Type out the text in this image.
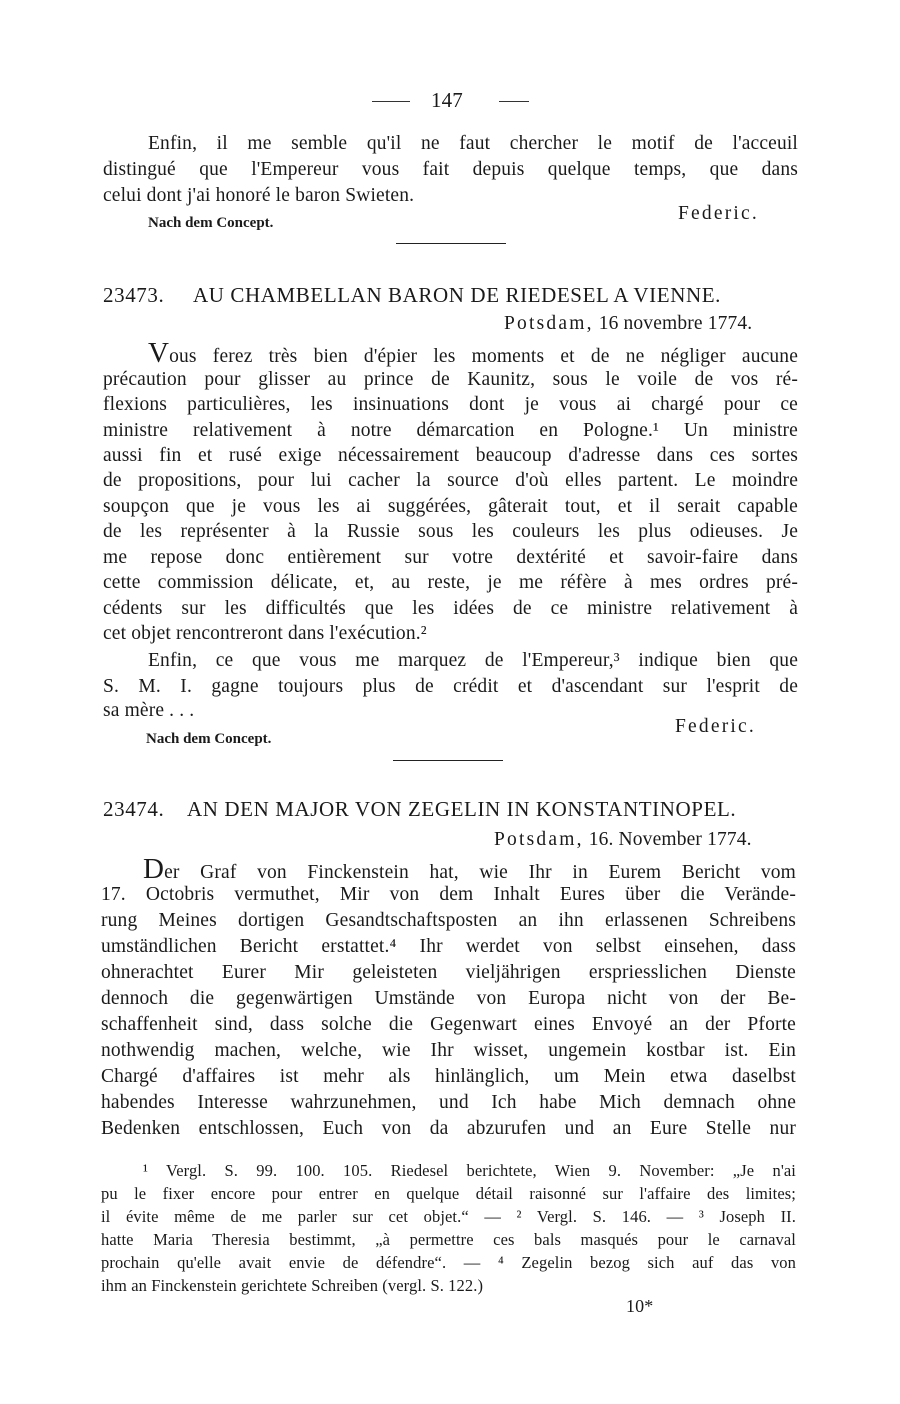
147
Enfin, il me semble qu'il ne faut chercher le motif de l'acceuil
distingué que l'Empereur vous fait depuis quelque temps, que dans
celui dont j'ai honoré le baron Swieten.
Nach dem Concept.	Federic.
23473. AU CHAMBELLAN BARON DE RIEDESEL A VIENNE.
Potsdam, 16 novembre 1774.
Vous ferez très bien d'épier les moments et de ne négliger aucune
précaution pour glisser au prince de Kaunitz, sous le voile de vos ré-
flexions particulières, les insinuations dont je vous ai chargé pour ce
ministre relativement à notre démarcation en Pologne.¹ Un ministre
aussi fin et rusé exige nécessairement beaucoup d'adresse dans ces sortes
de propositions, pour lui cacher la source d'où elles partent. Le moindre
soupçon que je vous les ai suggérées, gâterait tout, et il serait capable
de les représenter à la Russie sous les couleurs les plus odieuses. Je
me repose donc entièrement sur votre dextérité et savoir-faire dans
cette commission délicate, et, au reste, je me réfère à mes ordres pré-
cédents sur les difficultés que les idées de ce ministre relativement à
cet objet rencontreront dans l'exécution.²
Enfin, ce que vous me marquez de l'Empereur,³ indique bien que
S. M. I. gagne toujours plus de crédit et d'ascendant sur l'esprit de
sa mère . . .
Nach dem Concept.
Federic.
23474. AN DEN MAJOR VON ZEGELIN IN KONSTANTINOPEL.
Potsdam, 16. November 1774.
Der Graf von Finckenstein hat, wie Ihr in Eurem Bericht vom
17. Octobris vermuthet, Mir von dem Inhalt Eures über die Verände-
rung Meines dortigen Gesandtschaftsposten an ihn erlassenen Schreibens
umständlichen Bericht erstattet.⁴ Ihr werdet von selbst einsehen, dass
ohnerachtet Eurer Mir geleisteten vieljährigen erspriesslichen Dienste
dennoch die gegenwärtigen Umstände von Europa nicht von der Be-
schaffenheit sind, dass solche die Gegenwart eines Envoyé an der Pforte
nothwendig machen, welche, wie Ihr wisset, ungemein kostbar ist. Ein
Chargé d'affaires ist mehr als hinlänglich, um Mein etwa daselbst
habendes Interesse wahrzunehmen, und Ich habe Mich demnach ohne
Bedenken entschlossen, Euch von da abzurufen und an Eure Stelle nur
¹ Vergl. S. 99. 100. 105. Riedesel berichtete, Wien 9. November: „Je n'ai
pu le fixer encore pour entrer en quelque détail raisonné sur l'affaire des limites;
il évite même de me parler sur cet objet.“ — ² Vergl. S. 146. — ³ Joseph II.
hatte Maria Theresia bestimmt, „à permettre ces bals masqués pour le carnaval
prochain qu'elle avait envie de défendre“. — ⁴ Zegelin bezog sich auf das von
ihm an Finckenstein gerichtete Schreiben (vergl. S. 122.)
10*
